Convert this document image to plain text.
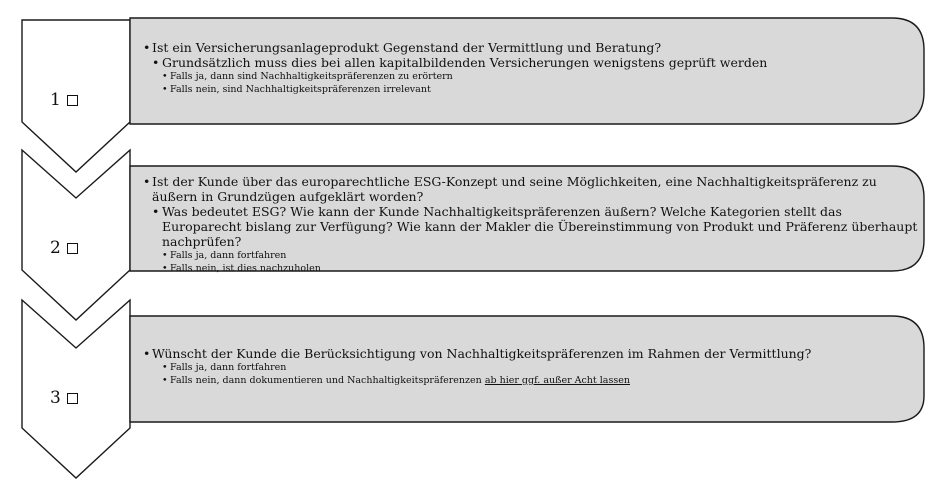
1
• Ist ein Versicherungsanlageprodukt Gegenstand der Vermittlung und Beratung?
• Grundsätzlich muss dies bei allen kapitalbildenden Versicherungen wenigstens geprüft werden
• Falls ja, dann sind Nachhaltigkeitspräferenzen zu erörtern
• Falls nein, sind Nachhaltigkeitspräferenzen irrelevant
2
• Ist der Kunde über das europarechtliche ESG-Konzept und seine Möglichkeiten, eine Nachhaltigkeitspräferenz zu äußern in Grundzügen aufgeklärt worden?
• Was bedeutet ESG? Wie kann der Kunde Nachhaltigkeitspräferenzen äußern? Welche Kategorien stellt das Europarecht bislang zur Verfügung? Wie kann der Makler die Übereinstimmung von Produkt und Präferenz überhaupt nachprüfen?
• Falls ja, dann fortfahren
• Falls nein, ist dies nachzuholen
3
• Wünscht der Kunde die Berücksichtigung von Nachhaltigkeitspräferenzen im Rahmen der Vermittlung?
• Falls ja, dann fortfahren
• Falls nein, dann dokumentieren und Nachhaltigkeitspräferenzen ab hier ggf. außer Acht lassen
